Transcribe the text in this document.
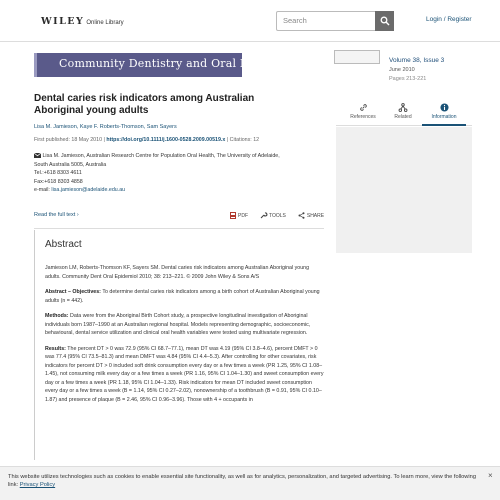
WILEY Online Library	Search	Login / Register
Community Dentistry and Oral Epidemiology	Volume 38, Issue 3
June 2010
Pages 213-221
References	Related	Information
Dental caries risk indicators among Australian Aboriginal young adults
Lisa M. Jamieson, Kaye F. Roberts-Thomson, Sam Sayers
First published: 18 May 2010 | https://doi.org/10.1111/j.1600-0528.2009.00519.x | Citations: 12
Lisa M. Jamieson, Australian Research Centre for Population Oral Health, The University of Adelaide,
South Australia 5005, Australia
Tel.:+618 8303 4611
Fax:+618 8303 4858
e-mail: lisa.jamieson@adelaide.edu.au
Read the full text ›	PDF	TOOLS	SHARE
Abstract

Jamieson LM, Roberts-Thomson KF, Sayers SM. Dental caries risk indicators among Australian Aboriginal young adults. Community Dent Oral Epidemiol 2010; 38: 213–221. © 2009 John Wiley & Sons A/S

Abstract – Objectives: To determine dental caries risk indicators among a birth cohort of Australian Aboriginal young adults (n = 442).

Methods: Data were from the Aboriginal Birth Cohort study, a prospective longitudinal investigation of Aboriginal individuals born 1987–1990 at an Australian regional hospital. Models representing demographic, socioeconomic, behavioural, dental service utilization and clinical oral health variables were tested using multivariate regression.

Results: The percent DT > 0 was 72.9 (95% CI 68.7–77.1), mean DT was 4.19 (95% CI 3.8–4.6), percent DMFT > 0 was 77.4 (95% CI 73.5–81.3) and mean DMFT was 4.84 (95% CI 4.4–5.3). After controlling for other covariates, risk indicators for percent DT > 0 included soft drink consumption every day or a few times a week (PR 1.25, 95% CI 1.08–1.45), not consuming milk every day or a few times a week (PR 1.16, 95% CI 1.04–1.30) and sweet consumption every day or a few times a week (PR 1.18, 95% CI 1.04–1.33). Risk indicators for mean DT included sweet consumption every day or a few times a week (B = 1.14, 95% CI 0.27–2.02), nonownership of a toothbrush (B = 0.91, 95% CI 0.10–1.87) and presence of plaque (B = 2.46, 95% CI 0.96–3.96). Those with 4 + occupants in

This website utilizes technologies such as cookies to enable essential site functionality, as well as for analytics, personalization, and targeted advertising. To learn more, view the following link: Privacy Policy
×
